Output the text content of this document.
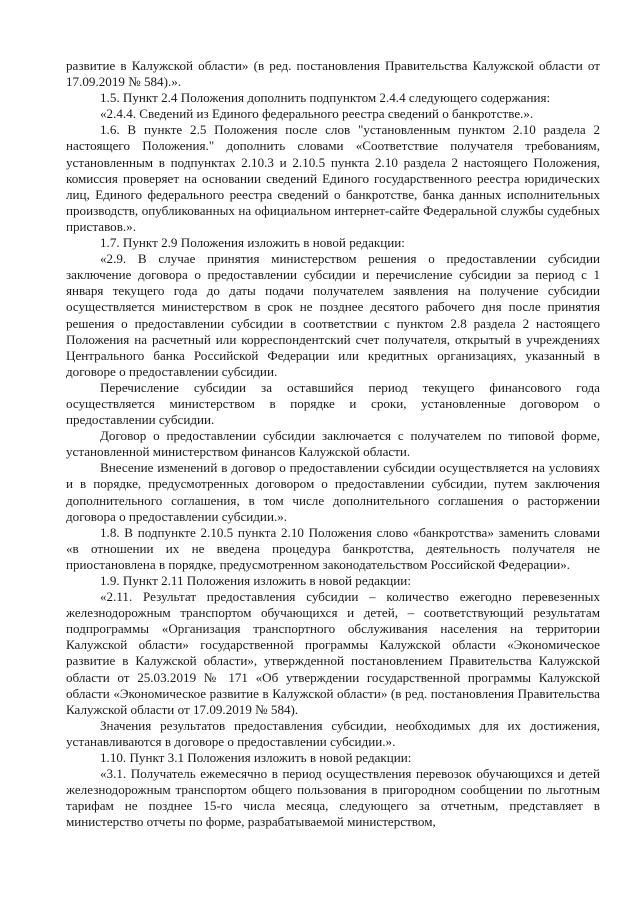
развитие в Калужской области» (в ред. постановления Правительства Калужской области от 17.09.2019 № 584).».

1.5. Пункт 2.4 Положения дополнить подпунктом 2.4.4 следующего содержания:

«2.4.4. Сведений из Единого федерального реестра сведений о банкротстве.».

1.6. В пункте 2.5 Положения после слов "установленным пунктом 2.10 раздела 2 настоящего Положения." дополнить словами «Соответствие получателя требованиям, установленным в подпунктах 2.10.3 и 2.10.5 пункта 2.10 раздела 2 настоящего Положения, комиссия проверяет на основании сведений Единого государственного реестра юридических лиц, Единого федерального реестра сведений о банкротстве, банка данных исполнительных производств, опубликованных на официальном интернет-сайте Федеральной службы судебных приставов.».

1.7. Пункт 2.9 Положения изложить в новой редакции:

«2.9. В случае принятия министерством решения о предоставлении субсидии заключение договора о предоставлении субсидии и перечисление субсидии за период с 1 января текущего года до даты подачи получателем заявления на получение субсидии осуществляется министерством в срок не позднее десятого рабочего дня после принятия решения о предоставлении субсидии в соответствии с пунктом 2.8 раздела 2 настоящего Положения на расчетный или корреспондентский счет получателя, открытый в учреждениях Центрального банка Российской Федерации или кредитных организациях, указанный в договоре о предоставлении субсидии.

Перечисление субсидии за оставшийся период текущего финансового года осуществляется министерством в порядке и сроки, установленные договором о предоставлении субсидии.

Договор о предоставлении субсидии заключается с получателем по типовой форме, установленной министерством финансов Калужской области.

Внесение изменений в договор о предоставлении субсидии осуществляется на условиях и в порядке, предусмотренных договором о предоставлении субсидии, путем заключения дополнительного соглашения, в том числе дополнительного соглашения о расторжении договора о предоставлении субсидии.».

1.8. В подпункте 2.10.5 пункта 2.10 Положения слово «банкротства» заменить словами «в отношении их не введена процедура банкротства, деятельность получателя не приостановлена в порядке, предусмотренном законодательством Российской Федерации».

1.9. Пункт 2.11 Положения изложить в новой редакции:

«2.11. Результат предоставления субсидии – количество ежегодно перевезенных железнодорожным транспортом обучающихся и детей, – соответствующий результатам подпрограммы «Организация транспортного обслуживания населения на территории Калужской области» государственной программы Калужской области «Экономическое развитие в Калужской области», утвержденной постановлением Правительства Калужской области от 25.03.2019 № 171 «Об утверждении государственной программы Калужской области «Экономическое развитие в Калужской области» (в ред. постановления Правительства Калужской области от 17.09.2019 № 584).

Значения результатов предоставления субсидии, необходимых для их достижения, устанавливаются в договоре о предоставлении субсидии.».

1.10. Пункт 3.1 Положения изложить в новой редакции:

«3.1. Получатель ежемесячно в период осуществления перевозок обучающихся и детей железнодорожным транспортом общего пользования в пригородном сообщении по льготным тарифам не позднее 15-го числа месяца, следующего за отчетным, представляет в министерство отчеты по форме, разрабатываемой министерством,
